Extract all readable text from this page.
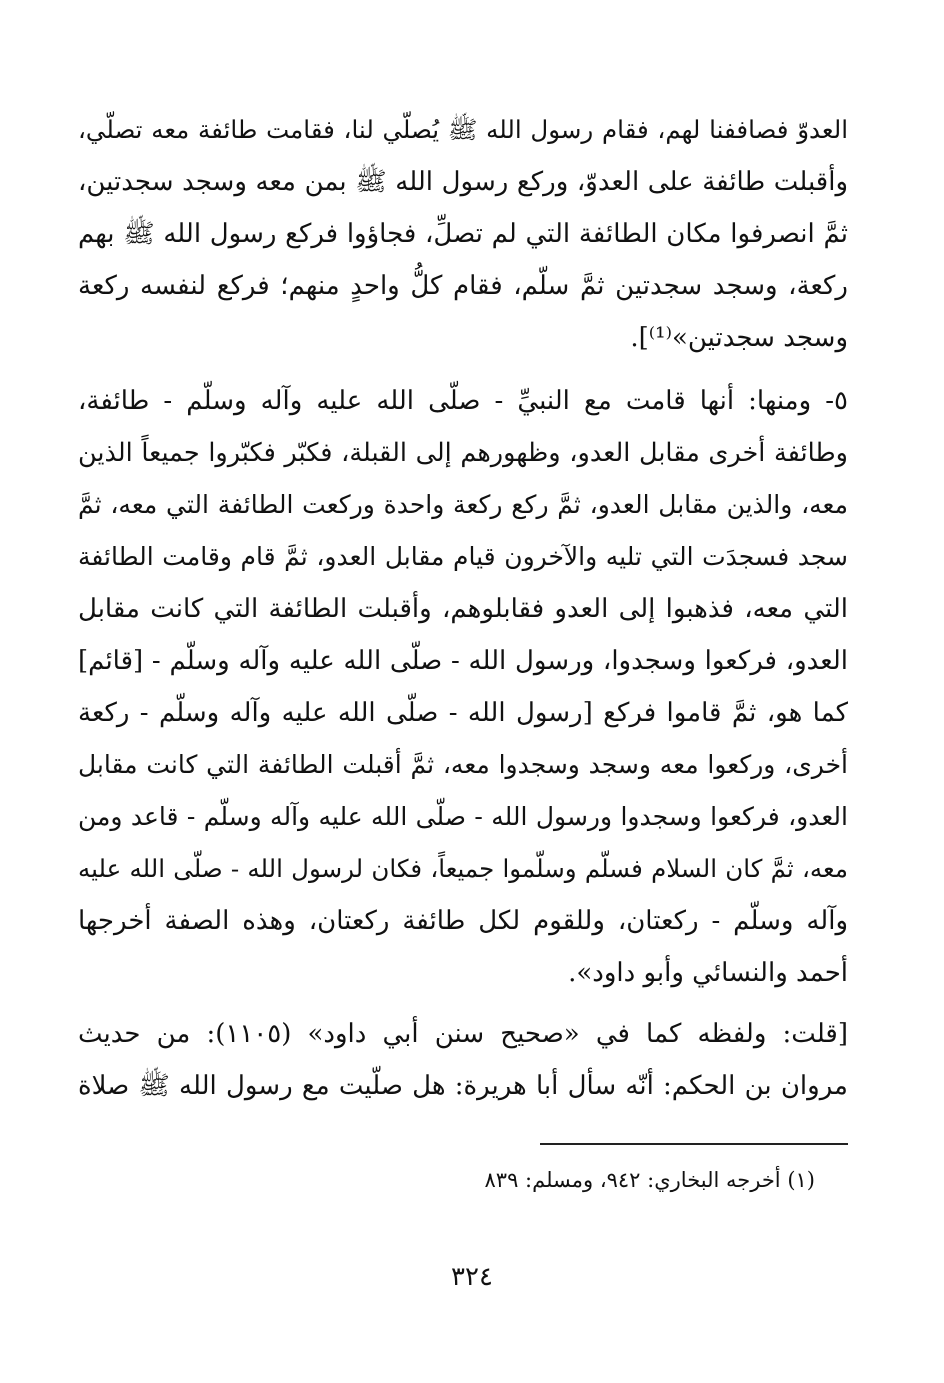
العدوّ فصاففنا لهم، فقام رسول الله ﷺ يُصلّي لنا، فقامت طائفة معه تصلّي،
وأقبلت طائفة على العدوّ، وركع رسول الله ﷺ بمن معه وسجد سجدتين،
ثمَّ انصرفوا مكان الطائفة التي لم تصلِّ، فجاؤوا فركع رسول الله ﷺ بهم
ركعة، وسجد سجدتين ثمَّ سلّم، فقام كلُّ واحدٍ منهم؛ فركع لنفسه ركعة
وسجد سجدتين»⁽¹⁾].
٥- ومنها: أنها قامت مع النبيِّ - صلّى الله عليه وآله وسلّم - طائفة،
وطائفة أخرى مقابل العدو، وظهورهم إلى القبلة، فكبّر فكبّروا جميعاً الذين
معه، والذين مقابل العدو، ثمَّ ركع ركعة واحدة وركعت الطائفة التي معه، ثمَّ
سجد فسجدَت التي تليه والآخرون قيام مقابل العدو، ثمَّ قام وقامت الطائفة
التي معه، فذهبوا إلى العدو فقابلوهم، وأقبلت الطائفة التي كانت مقابل
العدو، فركعوا وسجدوا، ورسول الله - صلّى الله عليه وآله وسلّم - [قائم]
كما هو، ثمَّ قاموا فركع [رسول الله - صلّى الله عليه وآله وسلّم - ركعة
أخرى، وركعوا معه وسجد وسجدوا معه، ثمَّ أقبلت الطائفة التي كانت مقابل
العدو، فركعوا وسجدوا ورسول الله - صلّى الله عليه وآله وسلّم - قاعد ومن
معه، ثمَّ كان السلام فسلّم وسلّموا جميعاً، فكان لرسول الله - صلّى الله عليه
وآله وسلّم - ركعتان، وللقوم لكل طائفة ركعتان، وهذه الصفة أخرجها
أحمد والنسائي وأبو داود».
[قلت: ولفظه كما في «صحيح سنن أبي داود» (١١٠٥): من حديث
مروان بن الحكم: أنّه سأل أبا هريرة: هل صلّيت مع رسول الله ﷺ صلاة
(١) أخرجه البخاري: ٩٤٢، ومسلم: ٨٣٩
٣٢٤
